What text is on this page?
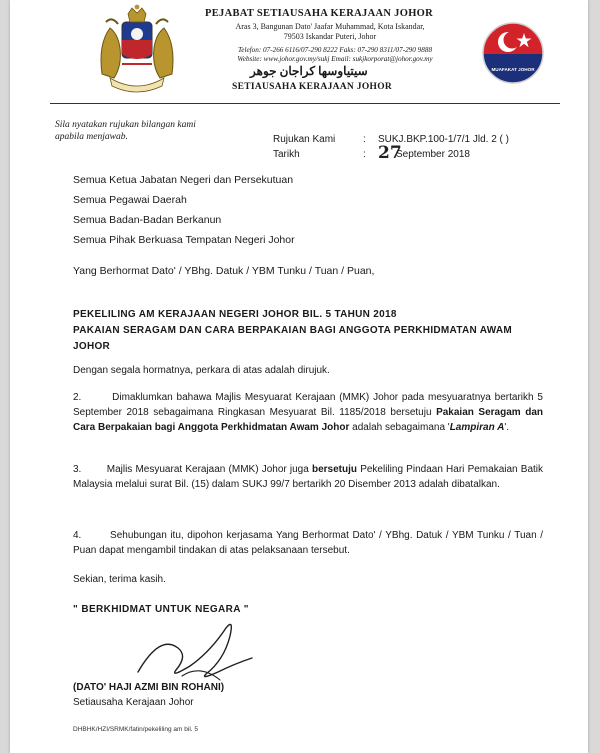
PEJABAT SETIAUSAHA KERAJAAN JOHOR
Aras 3, Bangunan Dato' Jaafar Muhammad, Kota Iskandar,
79503 Iskandar Puteri, Johor
Telefon: 07-266 6116/07-290 8222 Faks: 07-290 8311/07-290 9888
Website: www.johor.gov.my/sukj Email: sukjkorporat@johor.gov.my
سيتياوسها كراجان جوهر
SETIAUSAHA KERAJAAN JOHOR
MUAFAKAT JOHOR
Sila nyatakan rujukan bilangan kami
apabila menjawab.	Rujukan Kami	: SUKJ.BKP.100-1/7/1 Jld. 2 ( )
Tarikh	: 27
September 2018
Semua Ketua Jabatan Negeri dan Persekutuan
Semua Pegawai Daerah
Semua Badan-Badan Berkanun
Semua Pihak Berkuasa Tempatan Negeri Johor
Yang Berhormat Dato' / YBhg. Datuk / YBM Tunku / Tuan / Puan,
PEKELILING AM KERAJAAN NEGERI JOHOR BIL. 5 TAHUN 2018
PAKAIAN SERAGAM DAN CARA BERPAKAIAN BAGI ANGGOTA PERKHIDMATAN AWAM
JOHOR
Dengan segala hormatnya, perkara di atas adalah dirujuk.
2.	Dimaklumkan bahawa Majlis Mesyuarat Kerajaan (MMK) Johor pada mesyuaratnya bertarikh 5 September 2018 sebagaimana Ringkasan Mesyuarat Bil. 1185/2018 bersetuju Pakaian Seragam dan Cara Berpakaian bagi Anggota Perkhidmatan Awam Johor adalah sebagaimana 'Lampiran A'.
3.	Majlis Mesyuarat Kerajaan (MMK) Johor juga bersetuju Pekeliling Pindaan Hari Pemakaian Batik Malaysia melalui surat Bil. (15) dalam SUKJ 99/7 bertarikh 20 Disember 2013 adalah dibatalkan.
4.	Sehubungan itu, dipohon kerjasama Yang Berhormat Dato' / YBhg. Datuk / YBM Tunku / Tuan / Puan dapat mengambil tindakan di atas pelaksanaan tersebut.
Sekian, terima kasih.
" BERKHIDMAT UNTUK NEGARA "
(DATO' HAJI AZMI BIN ROHANI)
Setiausaha Kerajaan Johor
DHBHK/HZI/SRMK/fatin/pekeliling am bil. 5
